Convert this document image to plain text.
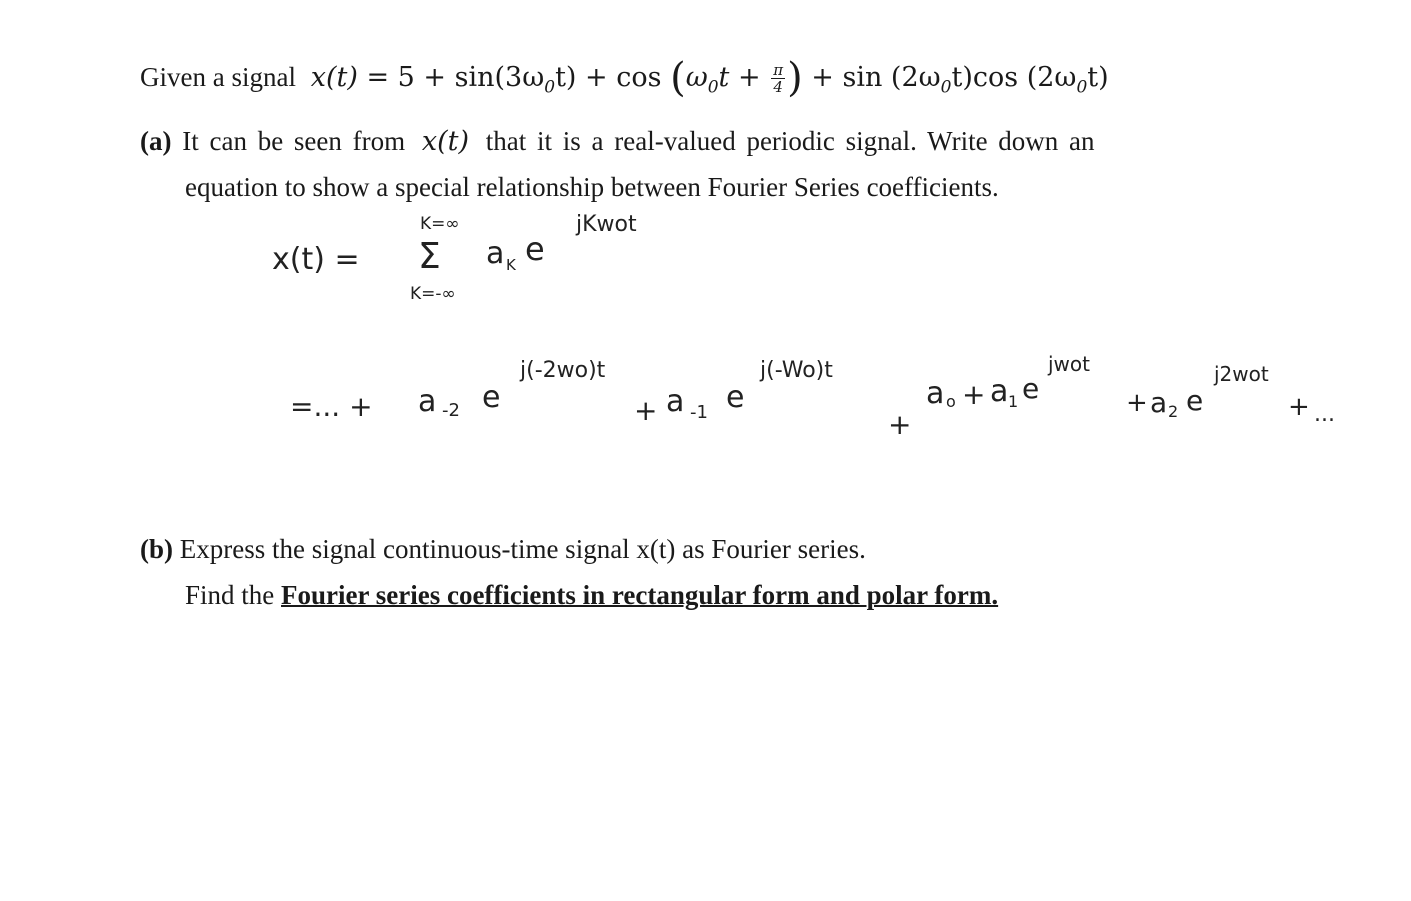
Given a signal $x(t) = 5 + \sin(3\omega_0t) + \cos (\omega_0t + \frac{\pi}{4}$ ) + $\sin (2\omega_0t)\cos$ $(2\omega_0t)$
(a) It can be seen from x(t) that it is a real-valued periodic signal. Write down an
equation to show a special relationship between Fourier Series coefficients.
x(t) =
K=∞
Σ
K=-∞
a K e
jKwot
=... + a -2 e
j(-2wo)t
+ a -1 e
j(-Wo)t
+
a o + a 1 e
jwot
+ a 2 e
j2wot
+ ...
(b) Express the signal continuous-time signal x(t) as Fourier series.
Find the Fourier series coefficients in rectangular form and polar form.
